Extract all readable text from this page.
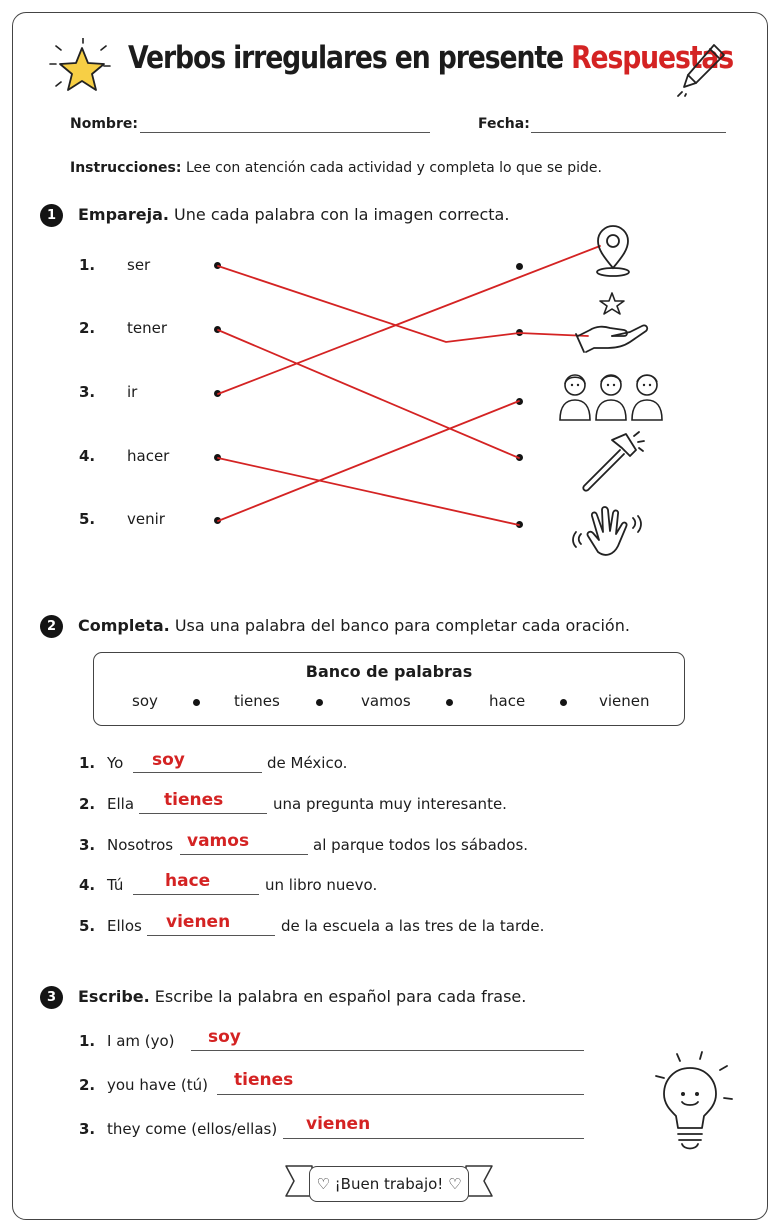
Verbos irregulares en presente Respuestas
Nombre:	Fecha:
Instrucciones: Lee con atención cada actividad y completa lo que se pide.
1	Empareja. Une cada palabra con la imagen correcta.
1. ser
2. tener
3. ir
4. hacer
5. venir
2	Completa. Usa una palabra del banco para completar cada oración.
Banco de palabras
soy	tienes	vamos	hace	vienen
1. Yo soy	de México.
2. Ella tienes	una pregunta muy interesante.
3. Nosotros vamos	al parque todos los sábados.
4. Tú hace	un libro nuevo.
5. Ellos vienen	de la escuela a las tres de la tarde.
3	Escribe. Escribe la palabra en español para cada frase.
1. I am (yo) soy
2. you have (tú) tienes
3. they come (ellos/ellas) vienen
♡ ¡Buen trabajo! ♡
